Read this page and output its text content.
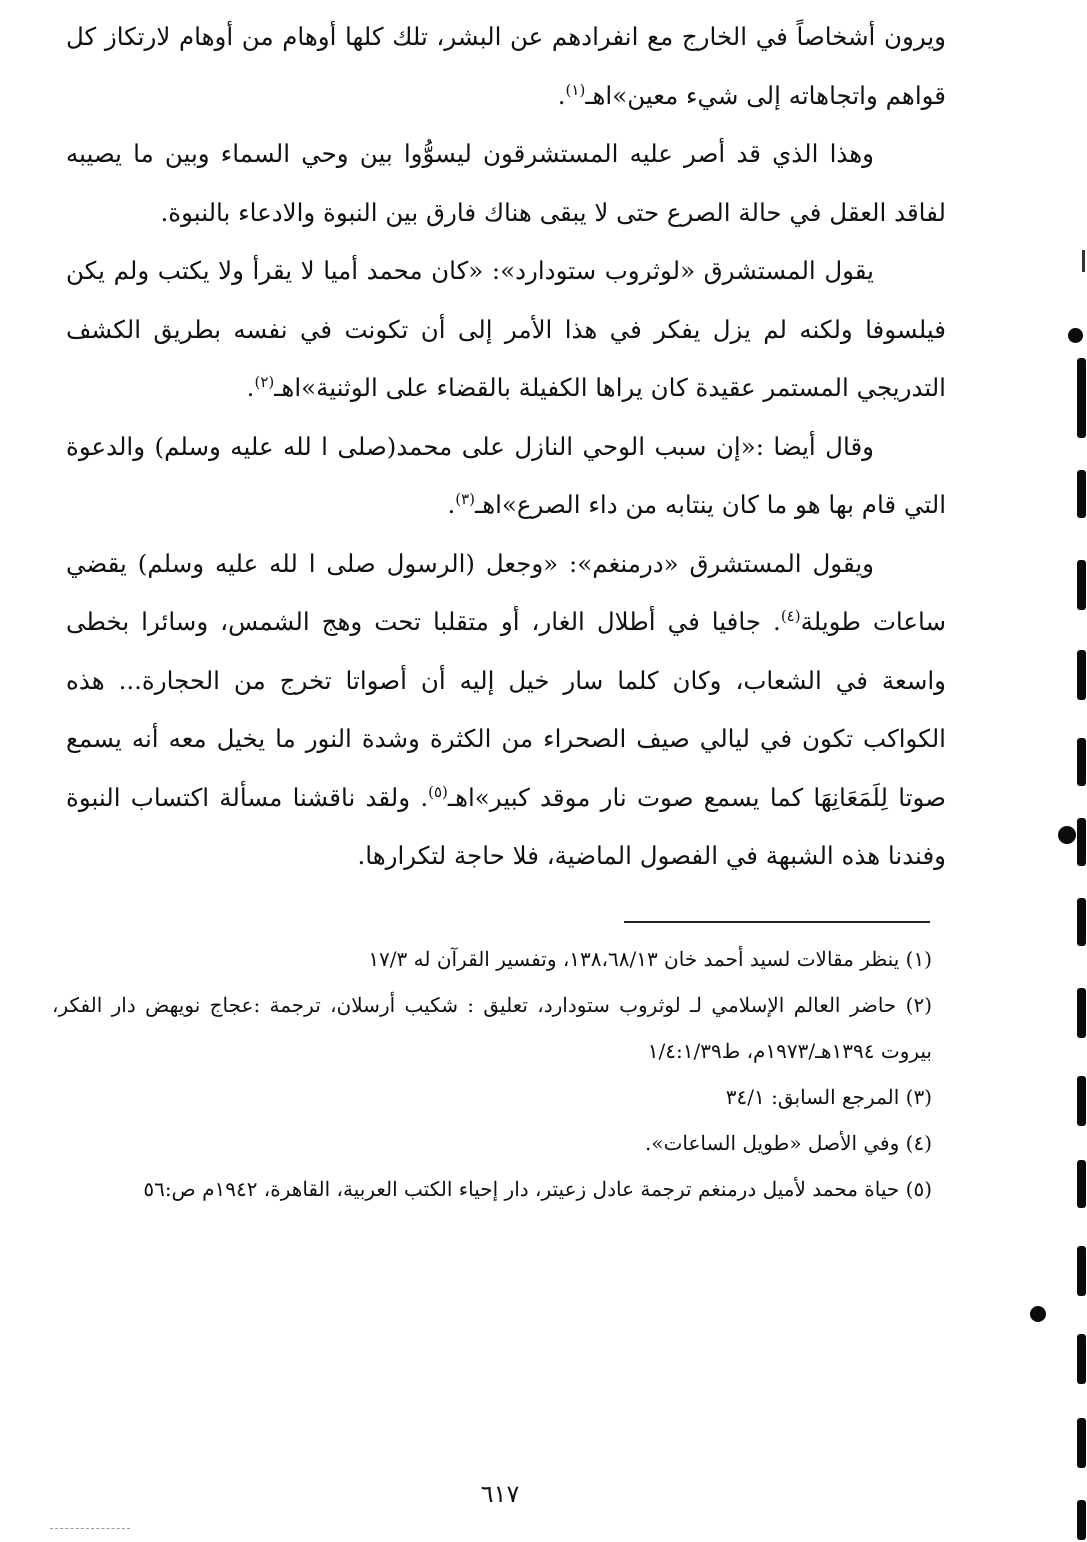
ويرون أشخاصاً في الخارج مع انفرادهم عن البشر، تلك كلها أوهام من أوهام لارتكاز كل قواهم واتجاهاته إلى شيء معين»اهـ$^{(١)}$.

وهذا الذي قد أصر عليه المستشرقون ليسوُّوا بين وحي السماء وبين ما يصيبه لفاقد العقل في حالة الصرع حتى لا يبقى هناك فارق بين النبوة والادعاء بالنبوة.

يقول المستشرق «لوثروب ستودارد»: «كان محمد أميا لا يقرأ ولا يكتب ولم يكن فيلسوفا ولكنه لم يزل يفكر في هذا الأمر إلى أن تكونت في نفسه بطريق الكشف التدريجي المستمر عقيدة كان يراها الكفيلة بالقضاء على الوثنية»اهـ$^{(٢)}$.

وقال أيضا :«إن سبب الوحي النازل على محمد(صلى ا لله عليه وسلم) والدعوة التي قام بها هو ما كان ينتابه من داء الصرع»اهـ$^{(٣)}$.

ويقول المستشرق «درمنغم»: «وجعل (الرسول صلى ا لله عليه وسلم) يقضي ساعات طويلة$^{(٤)}$. جافيا في أطلال الغار، أو متقلبا تحت وهج الشمس، وسائرا بخطى واسعة في الشعاب، وكان كلما سار خيل إليه أن أصواتا تخرج من الحجارة... هذه الكواكب تكون في ليالي صيف الصحراء من الكثرة وشدة النور ما يخيل معه أنه يسمع صوتا لِلَمَعَانِهَا كما يسمع صوت نار موقد كبير»اهـ$^{(٥)}$. ولقد ناقشنا مسألة اكتساب النبوة وفندنا هذه الشبهة في الفصول الماضية، فلا حاجة لتكرارها.

(١) ينظر مقالات لسيد أحمد خان ١٣٨،٦٨/١٣، وتفسير القرآن له ١٧/٣

(٢) حاضر العالم الإسلامي لـ لوثروب ستودارد، تعليق : شكيب أرسلان، ترجمة :عجاج نويهض دار الفكر، بيروت ١٣٩٤هـ/١٩٧٣م، ط١/٤:١/٣٩

(٣) المرجع السابق: ٣٤/١

(٤) وفي الأصل «طويل الساعات».

(٥) حياة محمد لأميل درمنغم ترجمة عادل زعيتر، دار إحياء الكتب العربية، القاهرة، ١٩٤٢م ص:٥٦

٦١٧
